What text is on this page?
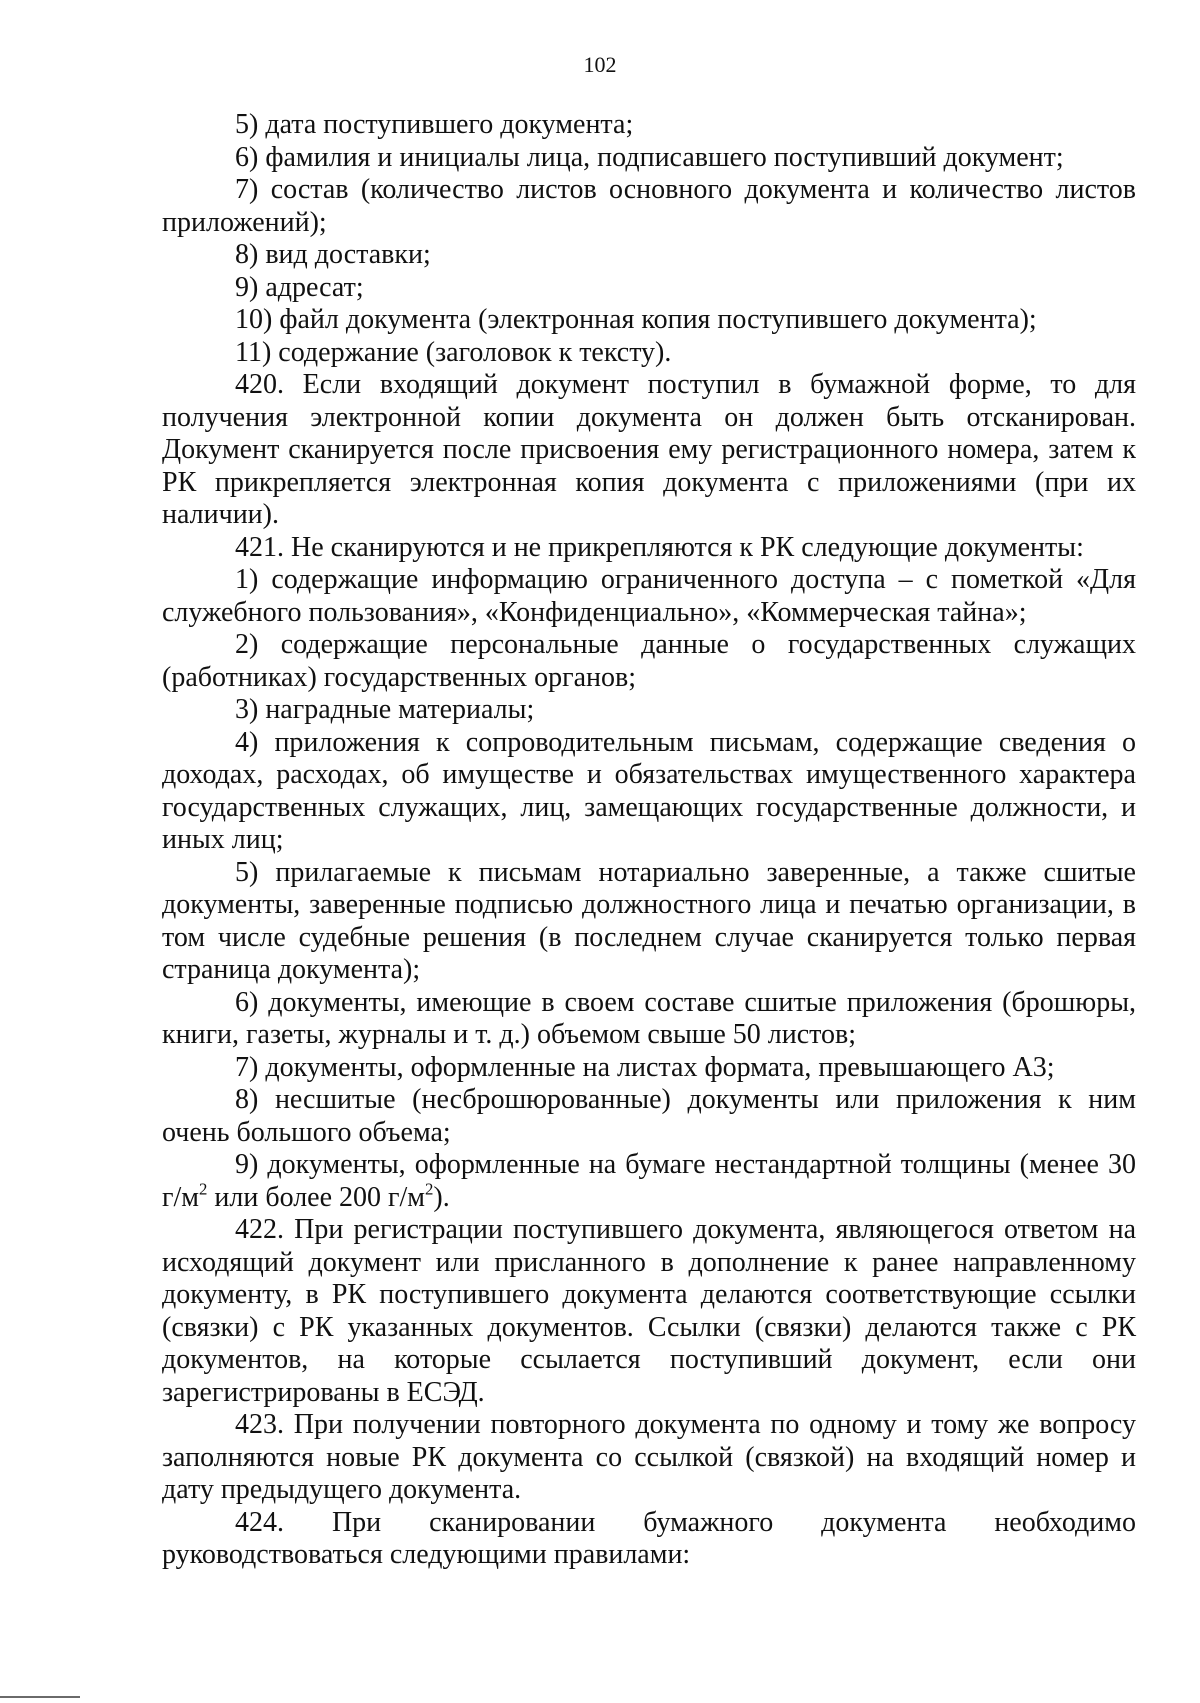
102

5) дата поступившего документа;

6) фамилия и инициалы лица, подписавшего поступивший документ;

7) состав (количество листов основного документа и количество листов приложений);

8) вид доставки;

9) адресат;

10) файл документа (электронная копия поступившего документа);

11) содержание (заголовок к тексту).

420. Если входящий документ поступил в бумажной форме, то для получения электронной копии документа он должен быть отсканирован. Документ сканируется после присвоения ему регистрационного номера, затем к РК прикрепляется электронная копия документа с приложениями (при их наличии).

421. Не сканируются и не прикрепляются к РК следующие документы:

1) содержащие информацию ограниченного доступа – с пометкой «Для служебного пользования», «Конфиденциально», «Коммерческая тайна»;

2) содержащие персональные данные о государственных служащих (работниках) государственных органов;

3) наградные материалы;

4) приложения к сопроводительным письмам, содержащие сведения о доходах, расходах, об имуществе и обязательствах имущественного характера государственных служащих, лиц, замещающих государственные должности, и иных лиц;

5) прилагаемые к письмам нотариально заверенные, а также сшитые документы, заверенные подписью должностного лица и печатью организации, в том числе судебные решения (в последнем случае сканируется только первая страница документа);

6) документы, имеющие в своем составе сшитые приложения (брошюры, книги, газеты, журналы и т. д.) объемом свыше 50 листов;

7) документы, оформленные на листах формата, превышающего А3;

8) несшитые (несброшюрованные) документы или приложения к ним очень большого объема;

9) документы, оформленные на бумаге нестандартной толщины (менее 30 $г/м^2$ или более 200 $г/м^2$).

422. При регистрации поступившего документа, являющегося ответом на исходящий документ или присланного в дополнение к ранее направленному документу, в РК поступившего документа делаются соответствующие ссылки (связки) с РК указанных документов. Ссылки (связки) делаются также с РК документов, на которые ссылается поступивший документ, если они зарегистрированы в ЕСЭД.

423. При получении повторного документа по одному и тому же вопросу заполняются новые РК документа со ссылкой (связкой) на входящий номер и дату предыдущего документа.

424. При сканировании бумажного документа необходимо руководствоваться следующими правилами:
